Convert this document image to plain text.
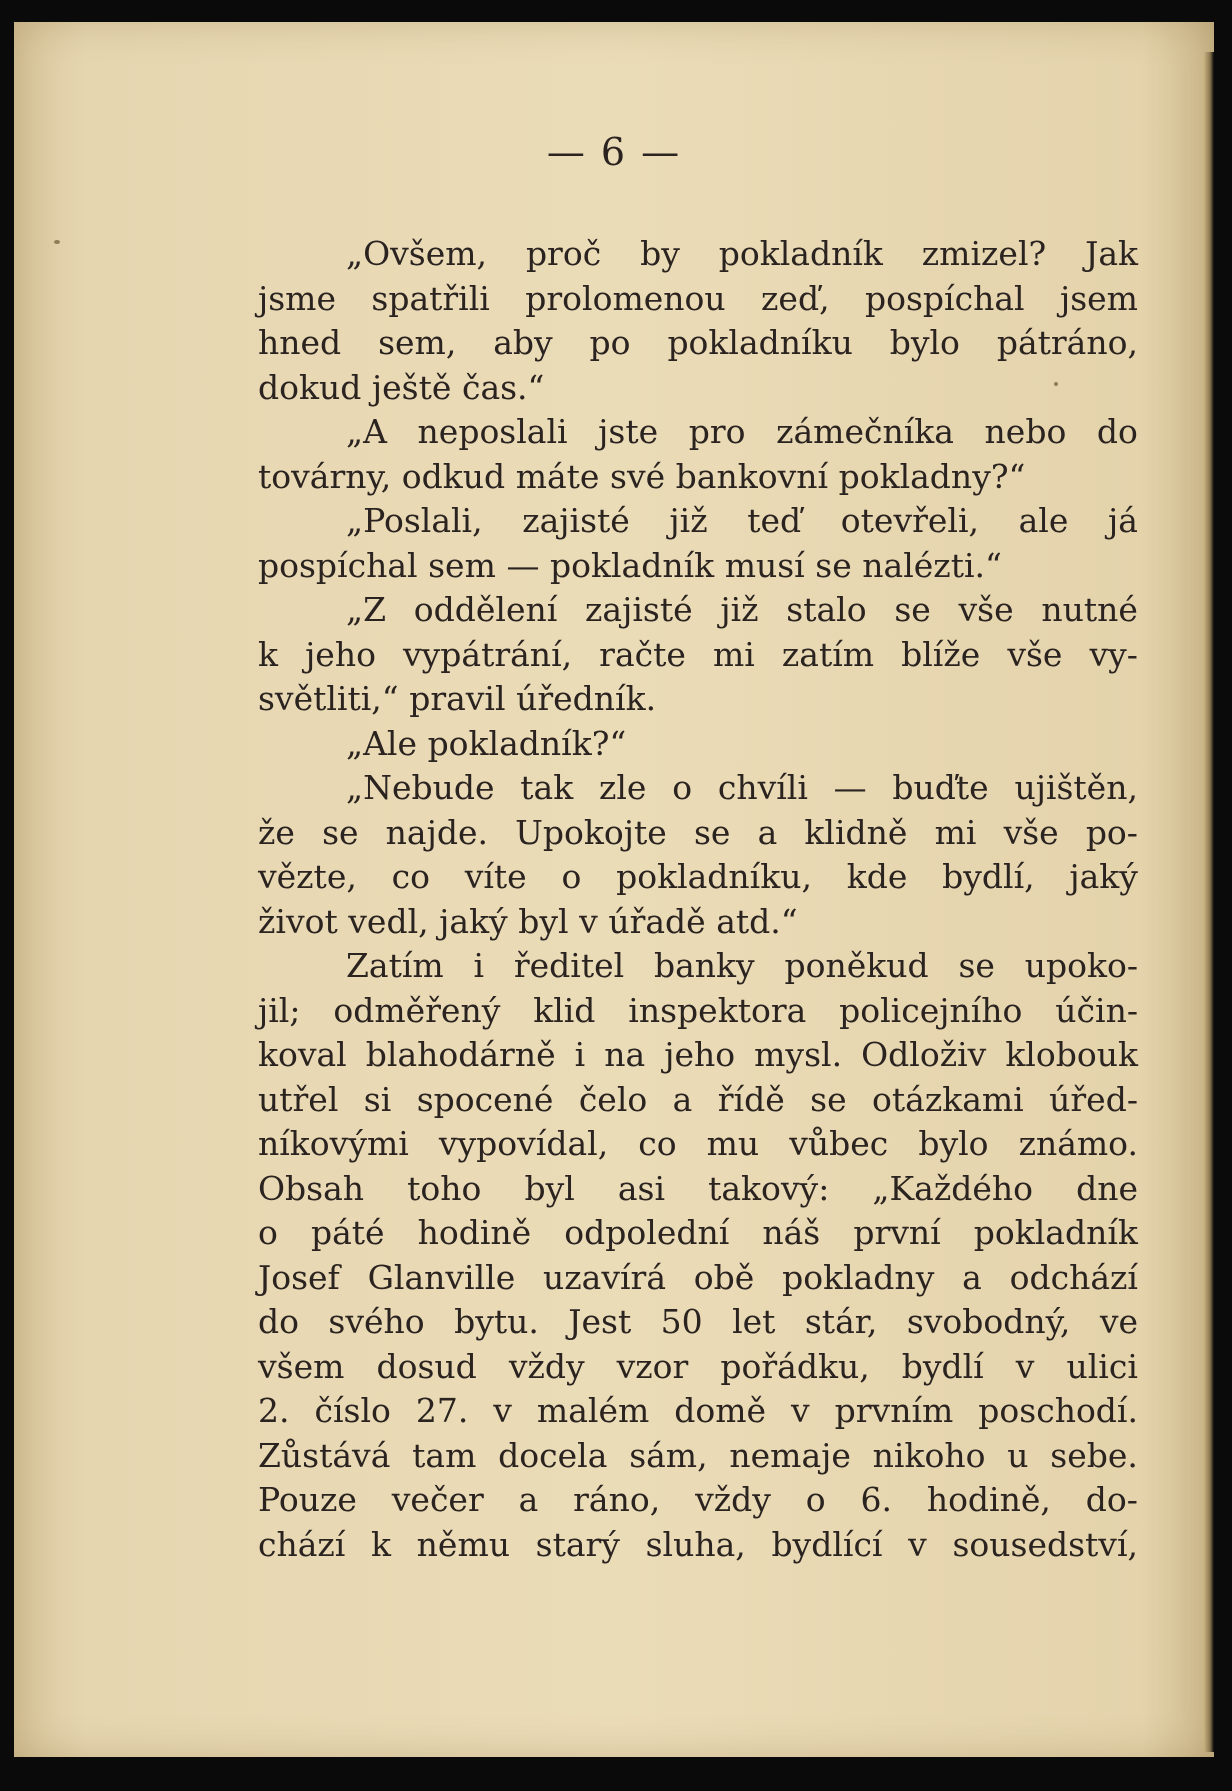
— 6 —
„Ovšem, proč by pokladník zmizel? Jak
jsme spatřili prolomenou zeď, pospíchal jsem
hned sem, aby po pokladníku bylo pátráno,
dokud ještě čas.“
„A neposlali jste pro zámečníka nebo do
továrny, odkud máte své bankovní pokladny?“
„Poslali, zajisté již teď otevřeli, ale já
pospíchal sem — pokladník musí se nalézti.“
„Z oddělení zajisté již stalo se vše nutné
k jeho vypátrání, račte mi zatím blíže vše vy-
světliti,“ pravil úředník.
„Ale pokladník?“
„Nebude tak zle o chvíli — buďte ujištěn,
že se najde. Upokojte se a klidně mi vše po-
vězte, co víte o pokladníku, kde bydlí, jaký
život vedl, jaký byl v úřadě atd.“
Zatím i ředitel banky poněkud se upoko-
jil; odměřený klid inspektora policejního účin-
koval blahodárně i na jeho mysl. Odloživ klobouk
utřel si spocené čelo a řídě se otázkami úřed-
níkovými vypovídal, co mu vůbec bylo známo.
Obsah toho byl asi takový: „Každého dne
o páté hodině odpolední náš první pokladník
Josef Glanville uzavírá obě pokladny a odchází
do svého bytu. Jest 50 let stár, svobodný, ve
všem dosud vždy vzor pořádku, bydlí v ulici
2. číslo 27. v malém domě v prvním poschodí.
Zůstává tam docela sám, nemaje nikoho u sebe.
Pouze večer a ráno, vždy o 6. hodině, do-
chází k němu starý sluha, bydlící v sousedství,
